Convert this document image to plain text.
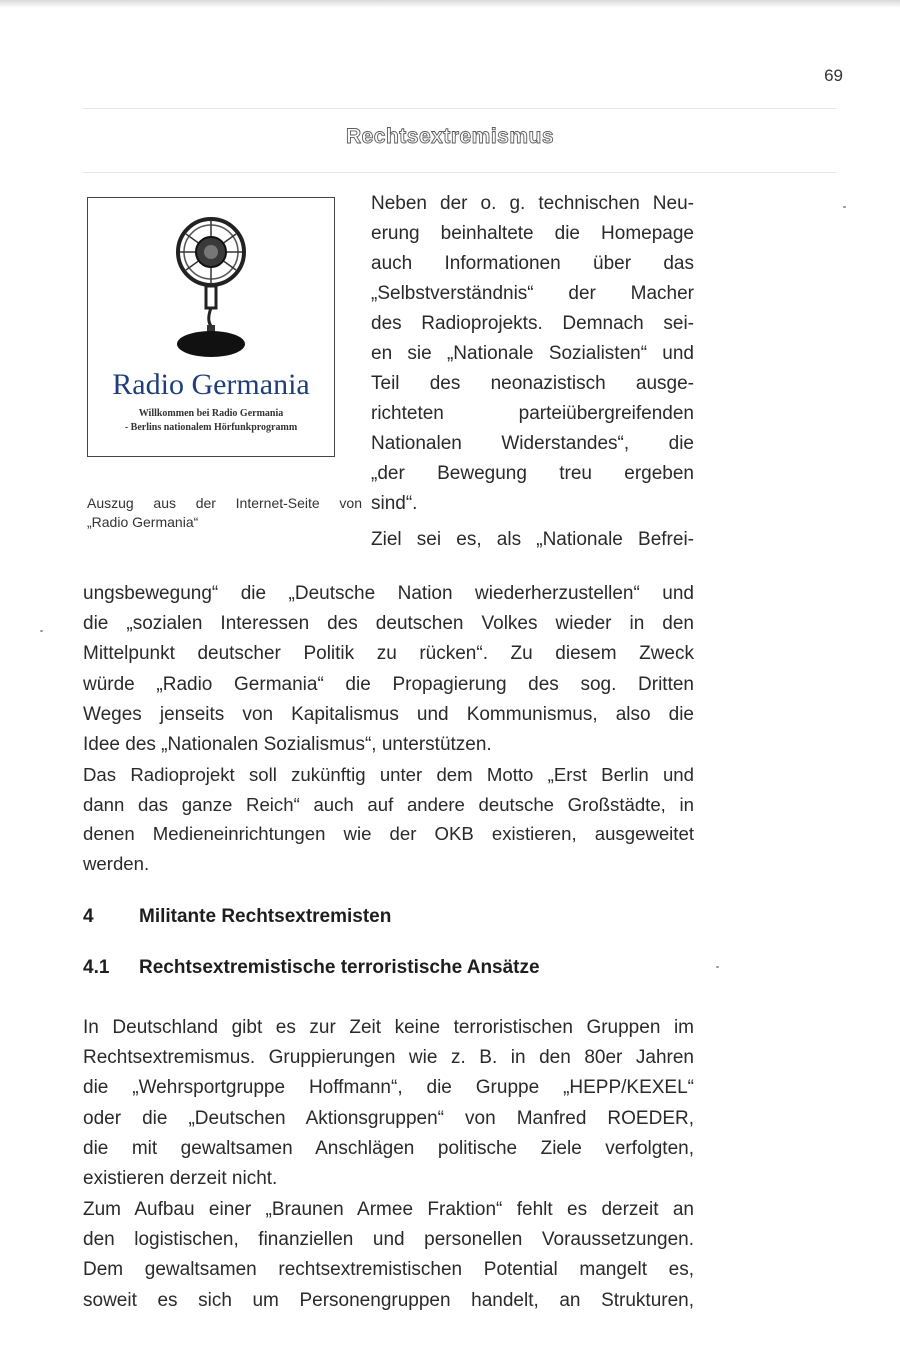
69
Rechtsextremismus
Radio Germania
Willkommen bei Radio Germania
- Berlins nationalem Hörfunkprogramm
Auszug aus der Internet-Seite von
„Radio Germania“
Neben der o. g. technischen Neu-
erung beinhaltete die Homepage
auch Informationen über das
„Selbstverständnis“ der Macher
des Radioprojekts. Demnach sei-
en sie „Nationale Sozialisten“ und
Teil des neonazistisch ausge-
richteten parteiübergreifenden
Nationalen Widerstandes“, die
„der Bewegung treu ergeben
sind“.
Ziel sei es, als „Nationale Befrei-
ungsbewegung“ die „Deutsche Nation wiederherzustellen“ und
die „sozialen Interessen des deutschen Volkes wieder in den
Mittelpunkt deutscher Politik zu rücken“. Zu diesem Zweck
würde „Radio Germania“ die Propagierung des sog. Dritten
Weges jenseits von Kapitalismus und Kommunismus, also die
Idee des „Nationalen Sozialismus“, unterstützen.
Das Radioprojekt soll zukünftig unter dem Motto „Erst Berlin und
dann das ganze Reich“ auch auf andere deutsche Großstädte, in
denen Medieneinrichtungen wie der OKB existieren, ausgeweitet
werden.
4 Militante Rechtsextremisten
4.1 Rechtsextremistische terroristische Ansätze
In Deutschland gibt es zur Zeit keine terroristischen Gruppen im
Rechtsextremismus. Gruppierungen wie z. B. in den 80er Jahren
die „Wehrsportgruppe Hoffmann“, die Gruppe „HEPP/KEXEL“
oder die „Deutschen Aktionsgruppen“ von Manfred ROEDER,
die mit gewaltsamen Anschlägen politische Ziele verfolgten,
existieren derzeit nicht.
Zum Aufbau einer „Braunen Armee Fraktion“ fehlt es derzeit an
den logistischen, finanziellen und personellen Voraussetzungen.
Dem gewaltsamen rechtsextremistischen Potential mangelt es,
soweit es sich um Personengruppen handelt, an Strukturen,
